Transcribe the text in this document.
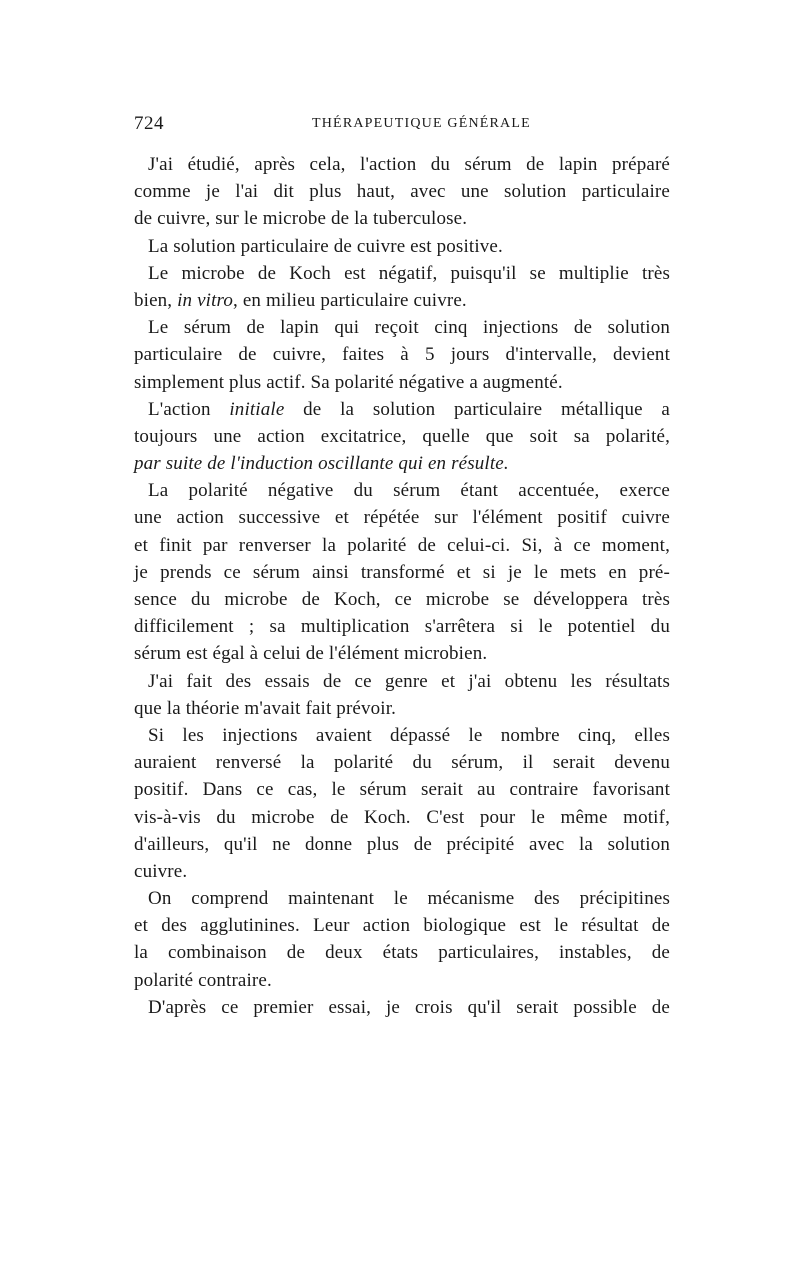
724	THÉRAPEUTIQUE GÉNÉRALE
J'ai étudié, après cela, l'action du sérum de lapin préparé
comme je l'ai dit plus haut, avec une solution particulaire
de cuivre, sur le microbe de la tuberculose.
La solution particulaire de cuivre est positive.
Le microbe de Koch est négatif, puisqu'il se multiplie très
bien, in vitro, en milieu particulaire cuivre.
Le sérum de lapin qui reçoit cinq injections de solution
particulaire de cuivre, faites à 5 jours d'intervalle, devient
simplement plus actif. Sa polarité négative a augmenté.
L'action initiale de la solution particulaire métallique a
toujours une action excitatrice, quelle que soit sa polarité,
par suite de l'induction oscillante qui en résulte.
La polarité négative du sérum étant accentuée, exerce
une action successive et répétée sur l'élément positif cuivre
et finit par renverser la polarité de celui-ci. Si, à ce moment,
je prends ce sérum ainsi transformé et si je le mets en pré-
sence du microbe de Koch, ce microbe se développera très
difficilement ; sa multiplication s'arrêtera si le potentiel du
sérum est égal à celui de l'élément microbien.
J'ai fait des essais de ce genre et j'ai obtenu les résultats
que la théorie m'avait fait prévoir.
Si les injections avaient dépassé le nombre cinq, elles
auraient renversé la polarité du sérum, il serait devenu
positif. Dans ce cas, le sérum serait au contraire favorisant
vis-à-vis du microbe de Koch. C'est pour le même motif,
d'ailleurs, qu'il ne donne plus de précipité avec la solution
cuivre.
On comprend maintenant le mécanisme des précipitines
et des agglutinines. Leur action biologique est le résultat de
la combinaison de deux états particulaires, instables, de
polarité contraire.
D'après ce premier essai, je crois qu'il serait possible de
